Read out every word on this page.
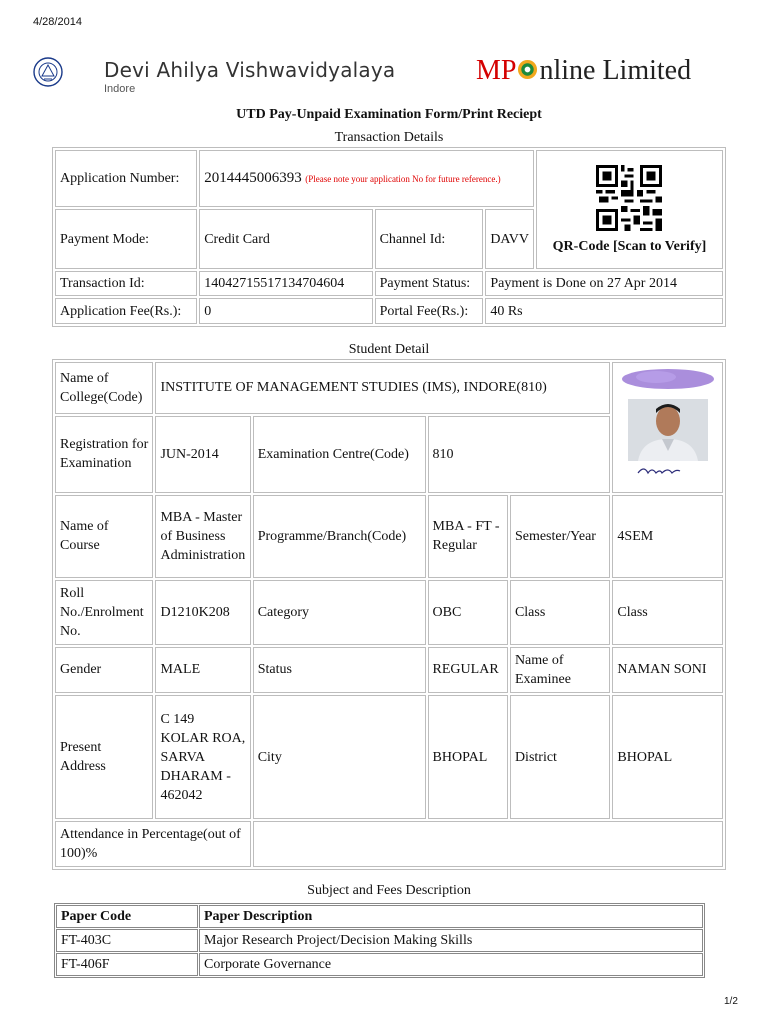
4/28/2014
Devi Ahilya Vishwavidyalaya
Indore
MP nline Limited
UTD Pay-Unpaid Examination Form/Print Reciept
Transaction Details
Application Number:	2014445006393 (Please note your application No for future reference.)			QR-Code [Scan to Verify]

Payment Mode:	Credit Card	Channel Id:	DAVV	
Transaction Id:	14042715517134704604	Payment Status:	Payment is Done on 27 Apr 2014	
Application Fee(Rs.):	0	Portal Fee(Rs.):	40 Rs	
Student Detail
Name of College(Code)	INSTITUTE OF MANAGEMENT STUDIES (IMS), INDORE(810)	

Registration for Examination	JUN-2014	Examination Centre(Code)	810		
Name of Course	MBA - Master of Business Administration	Programme/Branch(Code)	MBA - FT - Regular	Semester/Year	4SEM
Roll No./Enrolment No.	D1210K208	Category	OBC	Class	Class
Gender	MALE	Status	REGULAR	Name of Examinee	NAMAN SONI
Present Address	C 149 KOLAR ROA, SARVA DHARAM - 462042	City	BHOPAL	District	BHOPAL
Attendance in Percentage(out of 100)%					
Subject and Fees Description
Paper Code	Paper Description
FT-403C	Major Research Project/Decision Making Skills
FT-406F	Corporate Governance
1/2
